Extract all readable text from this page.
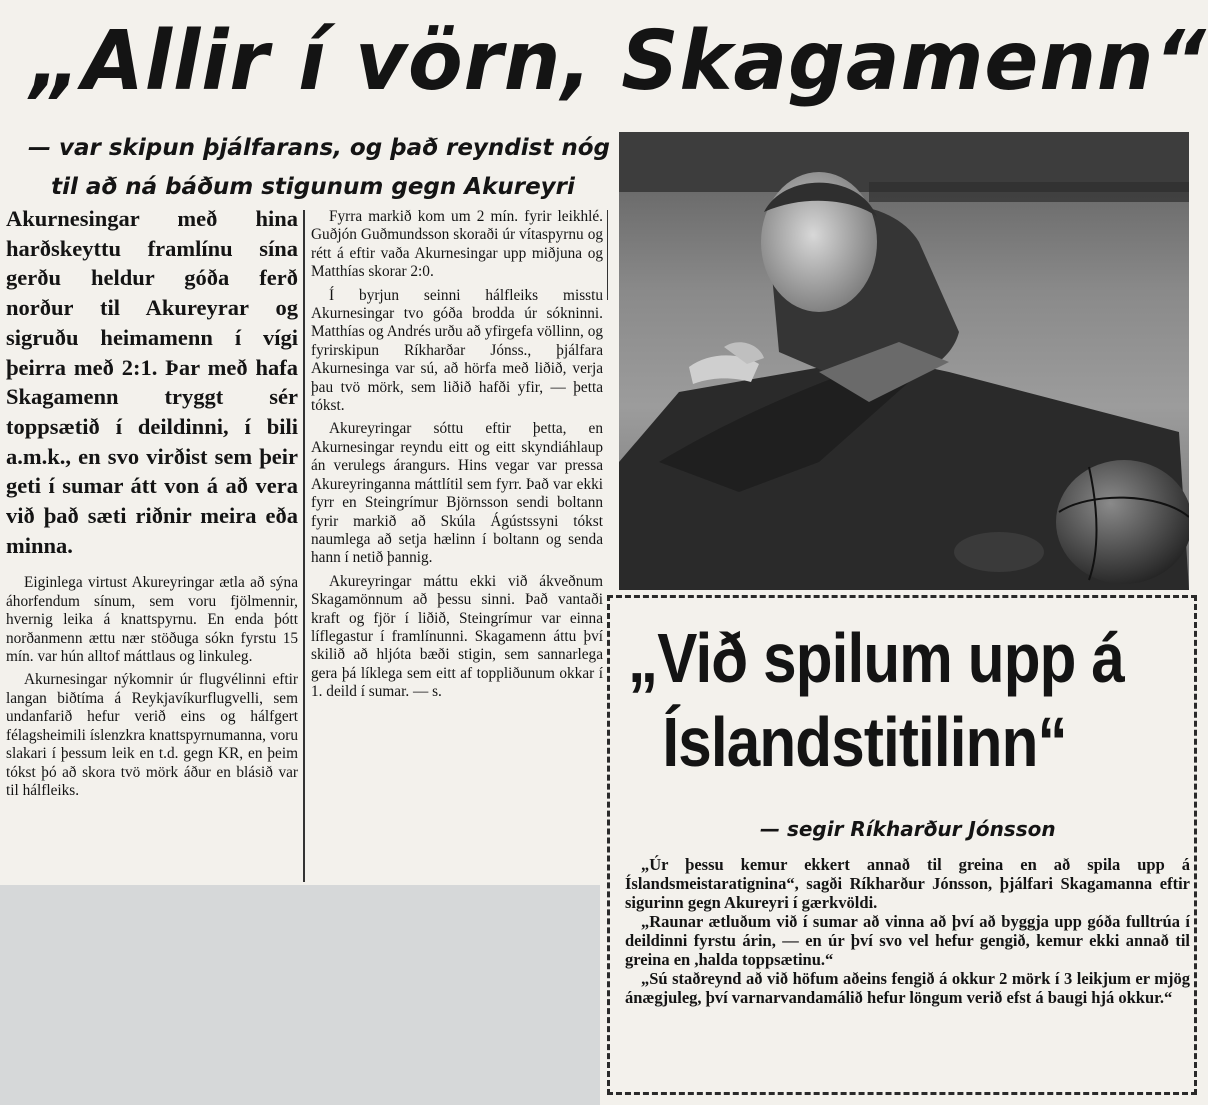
„Allir í vörn, Skagamenn“

— var skipun þjálfarans, og það reyndist nóg

til að ná báðum stigunum gegn Akureyri

Akurnesingar með hina harðskeyttu framlínu sína gerðu heldur góða ferð norður til Akureyrar og sigruðu heimamenn í vígi þeirra með 2:1. Þar með hafa Skagamenn tryggt sér toppsætið í deildinni, í bili a.m.k., en svo virðist sem þeir geti í sumar átt von á að vera við það sæti riðnir meira eða minna.

Eiginlega virtust Akureyringar ætla að sýna áhorfendum sínum, sem voru fjölmennir, hvernig leika á knattspyrnu. En enda þótt norðanmenn ættu nær stöðuga sókn fyrstu 15 mín. var hún alltof máttlaus og linkuleg.

Akurnesingar nýkomnir úr flugvélinni eftir langan biðtíma á Reykjavíkurflugvelli, sem undanfarið hefur verið eins og hálfgert félagsheimili íslenzkra knattspyrnumanna, voru slakari í þessum leik en t.d. gegn KR, en þeim tókst þó að skora tvö mörk áður en blásið var til hálfleiks.

Fyrra markið kom um 2 mín. fyrir leikhlé. Guðjón Guðmundsson skoraði úr vítaspyrnu og rétt á eftir vaða Akurnesingar upp miðjuna og Matthías skorar 2:0.

Í byrjun seinni hálfleiks misstu Akurnesingar tvo góða brodda úr sókninni. Matthías og Andrés urðu að yfirgefa völlinn, og fyrirskipun Ríkharðar Jónss., þjálfara Akurnesinga var sú, að hörfa með liðið, verja þau tvö mörk, sem liðið hafði yfir, — þetta tókst.

Akureyringar sóttu eftir þetta, en Akurnesingar reyndu eitt og eitt skyndiáhlaup án verulegs árangurs. Hins vegar var pressa Akureyringanna máttlítil sem fyrr. Það var ekki fyrr en Steingrímur Björnsson sendi boltann fyrir markið að Skúla Ágústssyni tókst naumlega að setja hælinn í boltann og senda hann í netið þannig.

Akureyringar máttu ekki við ákveðnum Skagamönnum að þessu sinni. Það vantaði kraft og fjör í liðið, Steingrímur var einna líflegastur í framlínunni. Skagamenn áttu því skilið að hljóta bæði stigin, sem sannarlega gera þá líklega sem eitt af toppliðunum okkar í 1. deild í sumar. — s.	„Við spilum upp á
Íslandstitilinn“

— segir Ríkharður Jónsson

„Úr þessu kemur ekkert annað til greina en að spila upp á Íslandsmeistaratignina“, sagði Ríkharður Jónsson, þjálfari Skagamanna eftir sigurinn gegn Akureyri í gærkvöldi.

„Raunar ætluðum við í sumar að vinna að því að byggja upp góða fulltrúa í deildinni fyrstu árin, — en úr því svo vel hefur gengið, kemur ekki annað til greina en ,halda toppsætinu.“

„Sú staðreynd að við höfum aðeins fengið á okkur 2 mörk í 3 leikjum er mjög ánægjuleg, því varnarvandamálið hefur löngum verið efst á baugi hjá okkur.“
